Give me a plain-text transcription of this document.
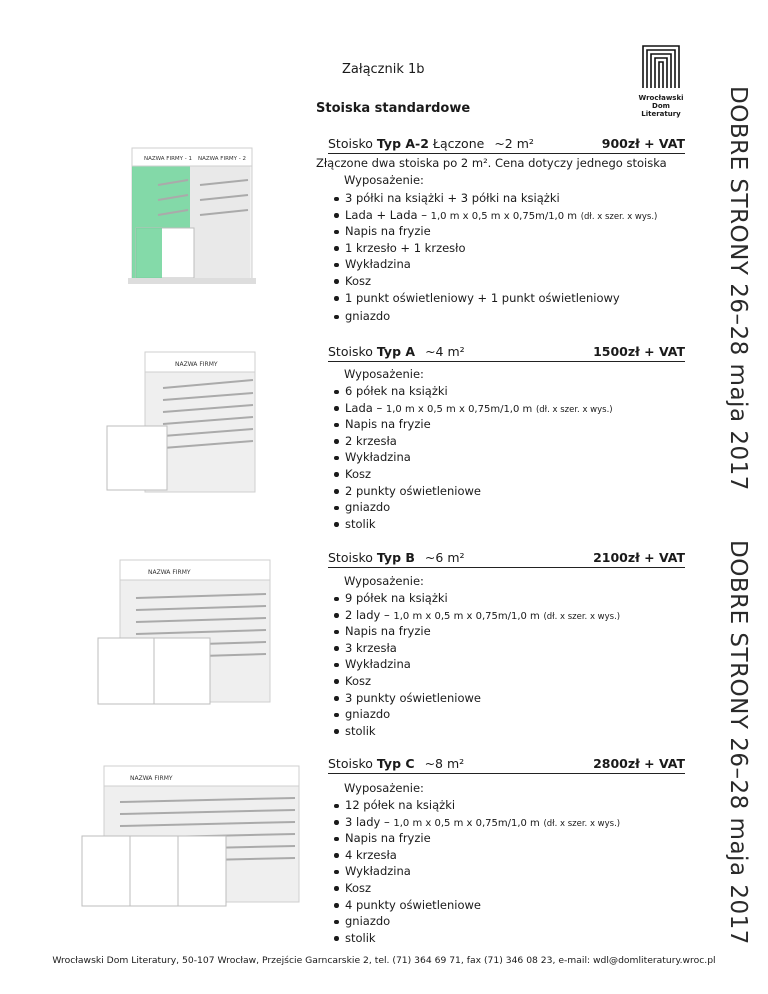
Wrocławski
Dom Literatury
Załącznik 1b
Stoiska standardowe	DOBRE STRONY 26–28 maja 2017
DOBRE STRONY 26–28 maja 2017
Stoisko Typ A-2 Łączone ~2 m²	900zł + VAT
Złączone dwa stoiska po 2 m². Cena dotyczy jednego stoiska
Wyposażenie:
3 półki na książki + 3 półki na książki
Lada + Lada – 1,0 m x 0,5 m x 0,75m/1,0 m (dł. x szer. x wys.)
Napis na fryzie
1 krzesło + 1 krzesło
Wykładzina
Kosz
1 punkt oświetleniowy + 1 punkt oświetleniowy
gniazdo
NAZWA FIRMY - 1 NAZWA FIRMY - 2
Stoisko Typ A ~4 m²	1500zł + VAT
Wyposażenie:
6 półek na książki
Lada – 1,0 m x 0,5 m x 0,75m/1,0 m (dł. x szer. x wys.)
Napis na fryzie
2 krzesła
Wykładzina
Kosz
2 punkty oświetleniowe
gniazdo
stolik
NAZWA FIRMY
Stoisko Typ B ~6 m²	2100zł + VAT
Wyposażenie:
9 półek na książki
2 lady – 1,0 m x 0,5 m x 0,75m/1,0 m (dł. x szer. x wys.)
Napis na fryzie
3 krzesła
Wykładzina
Kosz
3 punkty oświetleniowe
gniazdo
stolik
NAZWA FIRMY
Stoisko Typ C ~8 m²	2800zł + VAT
Wyposażenie:
12 półek na książki
3 lady – 1,0 m x 0,5 m x 0,75m/1,0 m (dł. x szer. x wys.)
Napis na fryzie
4 krzesła
Wykładzina
Kosz
4 punkty oświetleniowe
gniazdo
stolik
NAZWA FIRMY
Wrocławski Dom Literatury, 50-107 Wrocław, Przejście Garncarskie 2, tel. (71) 364 69 71, fax (71) 346 08 23, e-mail: wdl@domliteratury.wroc.pl
